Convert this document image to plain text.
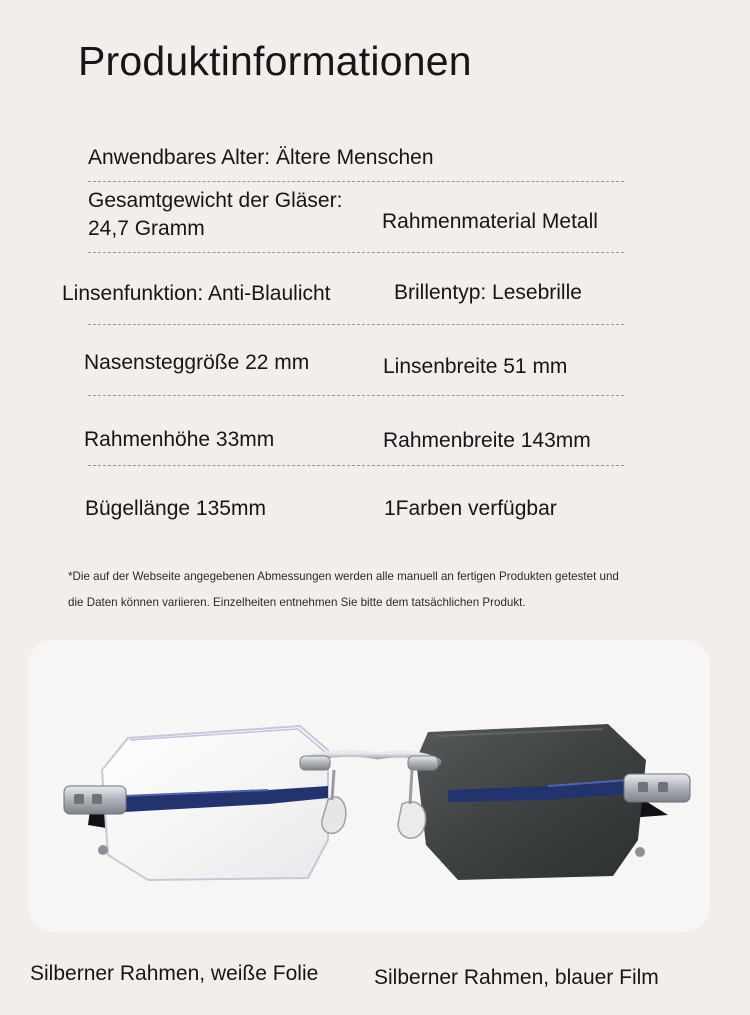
Produktinformationen
Anwendbares Alter: Ältere Menschen
Gesamtgewicht der Gläser:
24,7 Gramm	Rahmenmaterial Metall
Linsenfunktion: Anti-Blaulicht	Brillentyp: Lesebrille
Nasensteggröße 22 mm	Linsenbreite 51 mm
Rahmenhöhe 33mm	Rahmenbreite 143mm
Bügellänge 135mm	1Farben verfügbar
*Die auf der Webseite angegebenen Abmessungen werden alle manuell an fertigen Produkten getestet und
die Daten können variieren. Einzelheiten entnehmen Sie bitte dem tatsächlichen Produkt.
Silberner Rahmen, weiße Folie	Silberner Rahmen, blauer Film
